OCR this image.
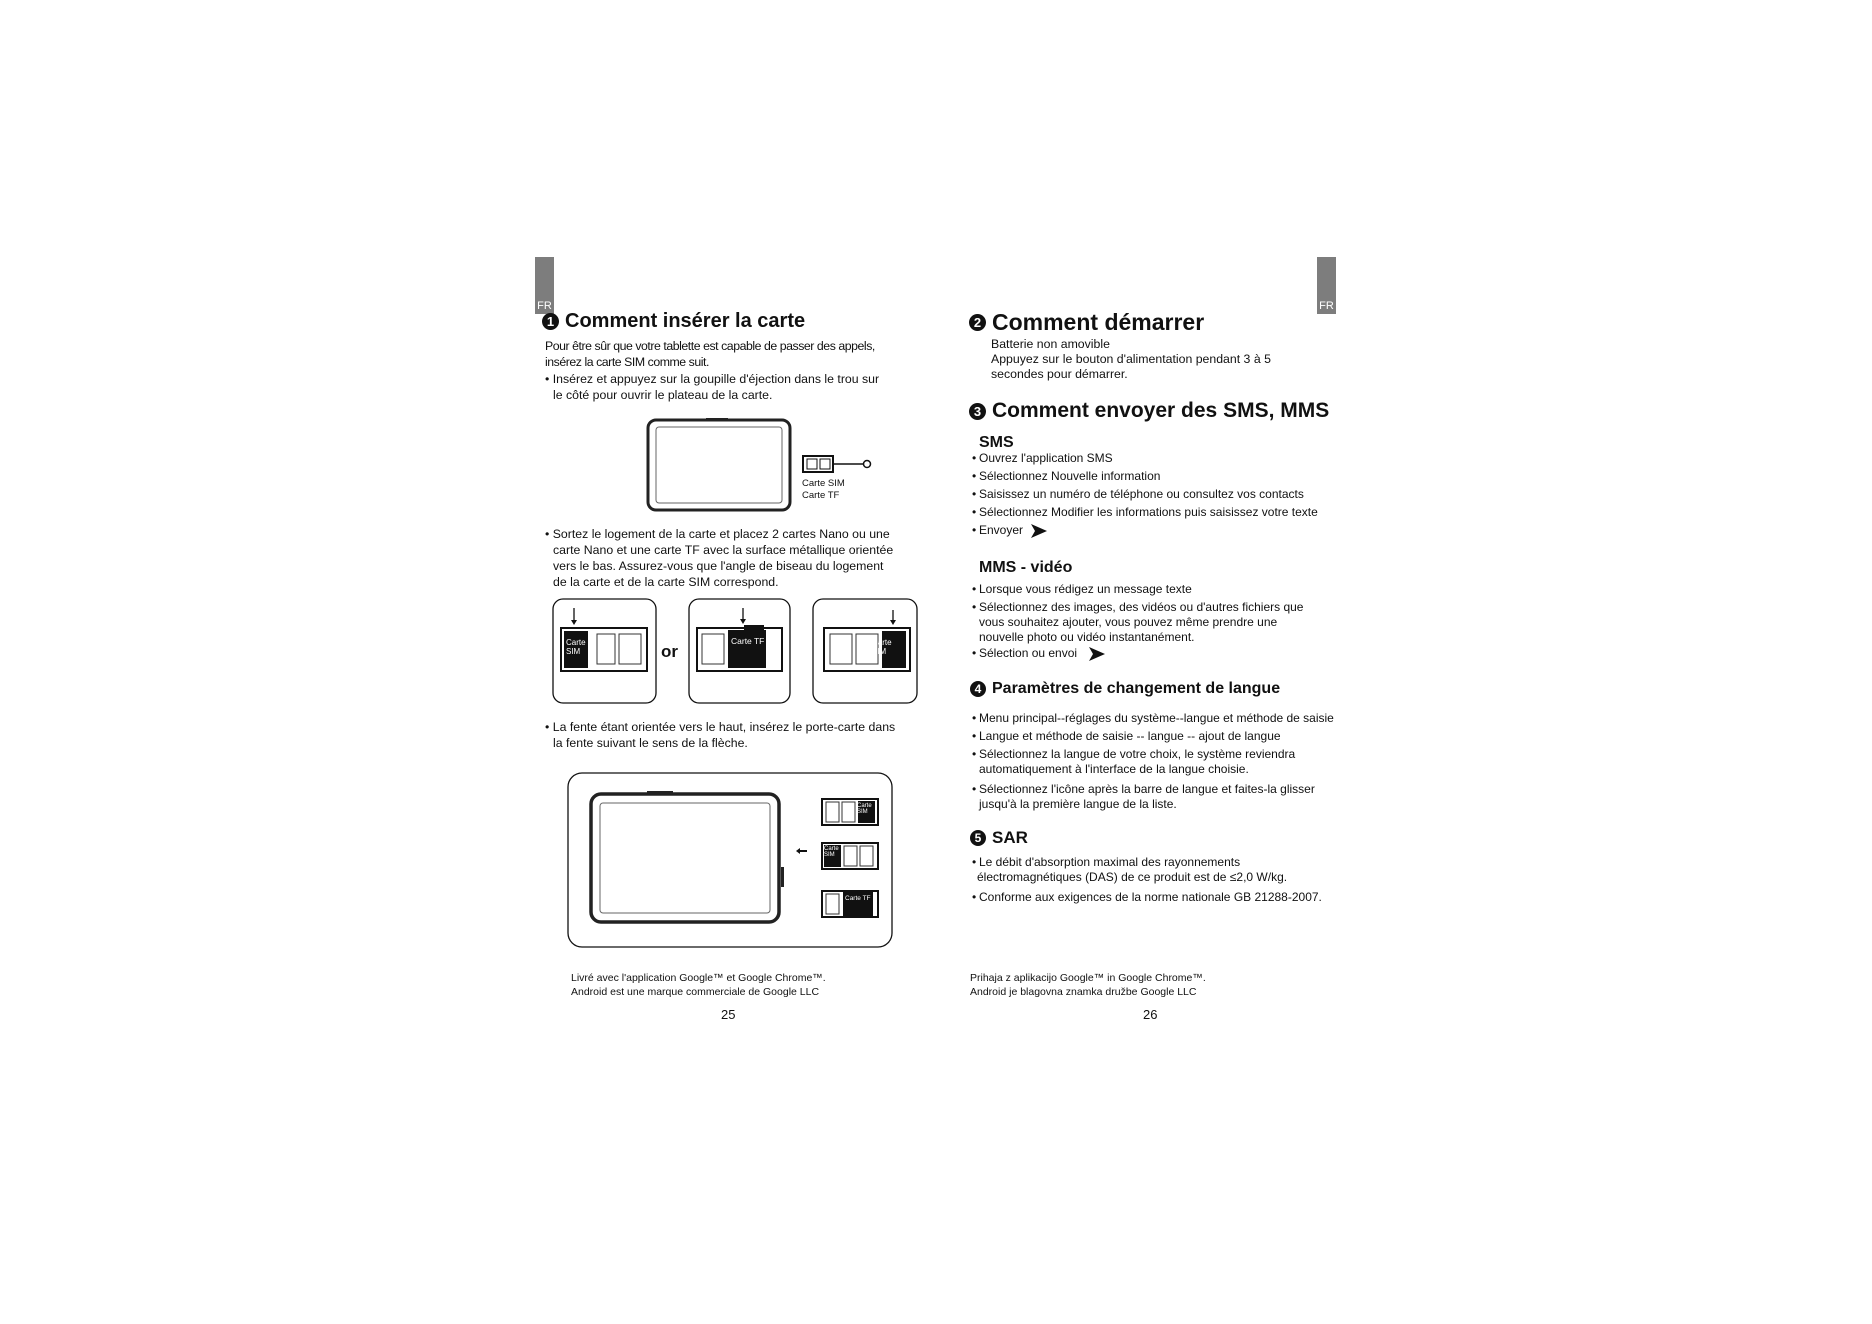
FR
1 Comment insérer la carte
Pour être sûr que votre tablette est capable de passer des appels,
insérez la carte SIM comme suit.
• Insérez et appuyez sur la goupille d'éjection dans le trou sur
le côté pour ouvrir le plateau de la carte.
Carte SIM
Carte TF
• Sortez le logement de la carte et placez 2 cartes Nano ou une
carte Nano et une carte TF avec la surface métallique orientée
vers le bas. Assurez-vous que l'angle de biseau du logement
de la carte et de la carte SIM correspond.
Carte SIM	or
Carte TF	Carte SIM
• La fente étant orientée vers le haut, insérez le porte-carte dans
la fente suivant le sens de la flèche.
Carte SIM
Carte SIM
Carte TF
Livré avec l'application Google™ et Google Chrome™.
Android est une marque commerciale de Google LLC
25
FR
2 Comment démarrer
Batterie non amovible
Appuyez sur le bouton d'alimentation pendant 3 à 5
secondes pour démarrer.
3 Comment envoyer des SMS, MMS
SMS
• Ouvrez l'application SMS
• Sélectionnez Nouvelle information
• Saisissez un numéro de téléphone ou consultez vos contacts
• Sélectionnez Modifier les informations puis saisissez votre texte
• Envoyer
MMS - vidéo
• Lorsque vous rédigez un message texte
• Sélectionnez des images, des vidéos ou d'autres fichiers que
vous souhaitez ajouter, vous pouvez même prendre une
nouvelle photo ou vidéo instantanément.
• Sélection ou envoi
4 Paramètres de changement de langue
• Menu principal--réglages du système--langue et méthode de saisie
• Langue et méthode de saisie -- langue -- ajout de langue
• Sélectionnez la langue de votre choix, le système reviendra
automatiquement à l'interface de la langue choisie.
• Sélectionnez l'icône après la barre de langue et faites-la glisser
jusqu'à la première langue de la liste.
5 SAR
• Le débit d'absorption maximal des rayonnements
électromagnétiques (DAS) de ce produit est de ≤2,0 W/kg.
• Conforme aux exigences de la norme nationale GB 21288-2007.
Prihaja z aplikacijo Google™ in Google Chrome™.
Android je blagovna znamka družbe Google LLC
26
